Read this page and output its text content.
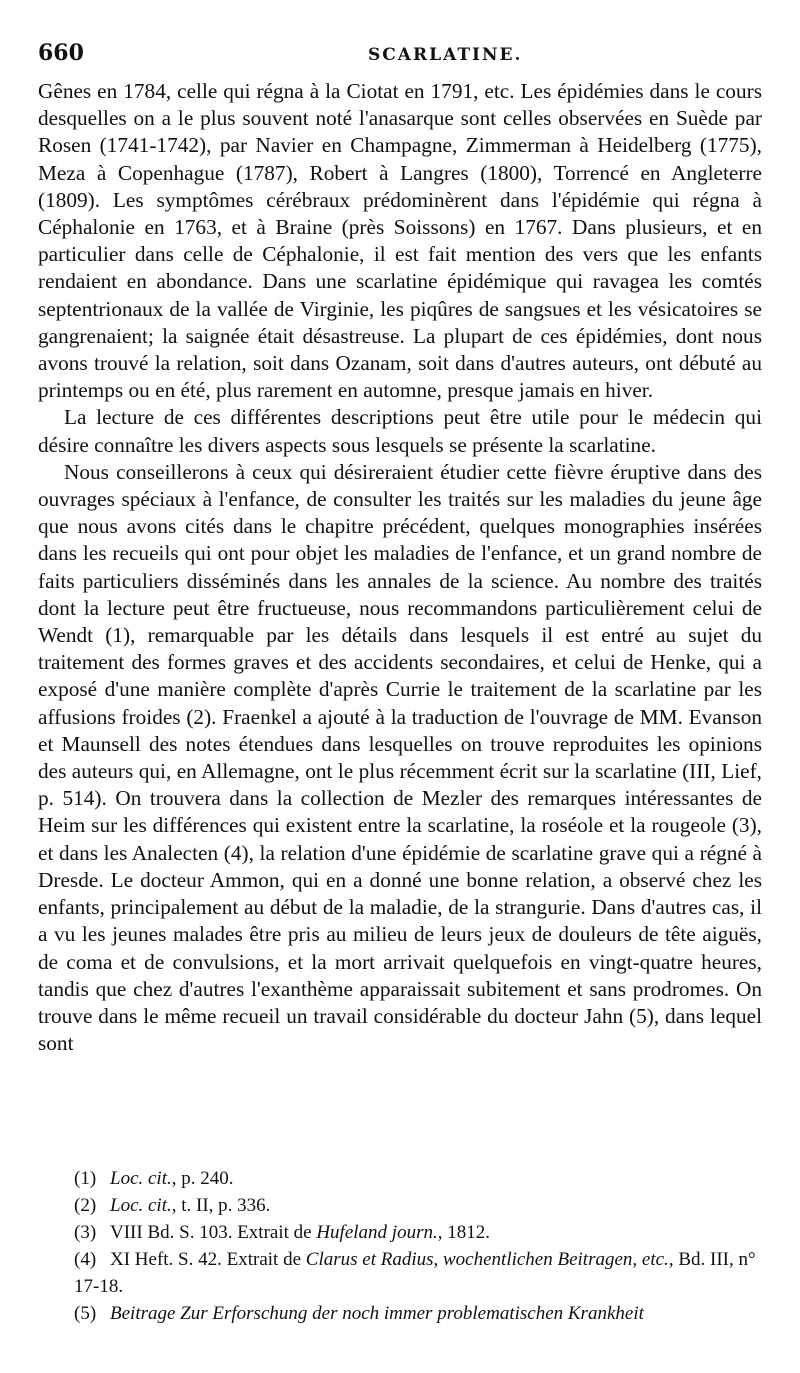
660	SCARLATINE.

Gênes en 1784, celle qui régna à la Ciotat en 1791, etc. Les épidémies dans le cours desquelles on a le plus souvent noté l'anasarque sont celles observées en Suède par Rosen (1741-1742), par Navier en Champagne, Zimmerman à Heidelberg (1775), Meza à Copenhague (1787), Robert à Langres (1800), Torrencé en Angleterre (1809). Les symptômes cérébraux prédominèrent dans l'épidémie qui régna à Céphalonie en 1763, et à Braine (près Soissons) en 1767. Dans plusieurs, et en particulier dans celle de Céphalonie, il est fait mention des vers que les enfants rendaient en abondance. Dans une scarlatine épidémique qui ravagea les comtés septentrionaux de la vallée de Virginie, les piqûres de sangsues et les vésicatoires se gangrenaient; la saignée était désastreuse. La plupart de ces épidémies, dont nous avons trouvé la relation, soit dans Ozanam, soit dans d'autres auteurs, ont débuté au printemps ou en été, plus rarement en automne, presque jamais en hiver.

La lecture de ces différentes descriptions peut être utile pour le médecin qui désire connaître les divers aspects sous lesquels se présente la scarlatine.

Nous conseillerons à ceux qui désireraient étudier cette fièvre éruptive dans des ouvrages spéciaux à l'enfance, de consulter les traités sur les maladies du jeune âge que nous avons cités dans le chapitre précédent, quelques monographies insérées dans les recueils qui ont pour objet les maladies de l'enfance, et un grand nombre de faits particuliers disséminés dans les annales de la science. Au nombre des traités dont la lecture peut être fructueuse, nous recommandons particulièrement celui de Wendt (1), remarquable par les détails dans lesquels il est entré au sujet du traitement des formes graves et des accidents secondaires, et celui de Henke, qui a exposé d'une manière complète d'après Currie le traitement de la scarlatine par les affusions froides (2). Fraenkel a ajouté à la traduction de l'ouvrage de MM. Evanson et Maunsell des notes étendues dans lesquelles on trouve reproduites les opinions des auteurs qui, en Allemagne, ont le plus récemment écrit sur la scarlatine (III, Lief, p. 514). On trouvera dans la collection de Mezler des remarques intéressantes de Heim sur les différences qui existent entre la scarlatine, la roséole et la rougeole (3), et dans les Analecten (4), la relation d'une épidémie de scarlatine grave qui a régné à Dresde. Le docteur Ammon, qui en a donné une bonne relation, a observé chez les enfants, principalement au début de la maladie, de la strangurie. Dans d'autres cas, il a vu les jeunes malades être pris au milieu de leurs jeux de douleurs de tête aiguës, de coma et de convulsions, et la mort arrivait quelquefois en vingt-quatre heures, tandis que chez d'autres l'exanthème apparaissait subitement et sans prodromes. On trouve dans le même recueil un travail considérable du docteur Jahn (5), dans lequel sont

(1) Loc. cit., p. 240.

(2) Loc. cit., t. II, p. 336.

(3) VIII Bd. S. 103. Extrait de Hufeland journ., 1812.

(4) XI Heft. S. 42. Extrait de Clarus et Radius, wochentlichen Beitragen, etc., Bd. III, n° 17-18.

(5) Beitrage Zur Erforschung der noch immer problematischen Krankheit
